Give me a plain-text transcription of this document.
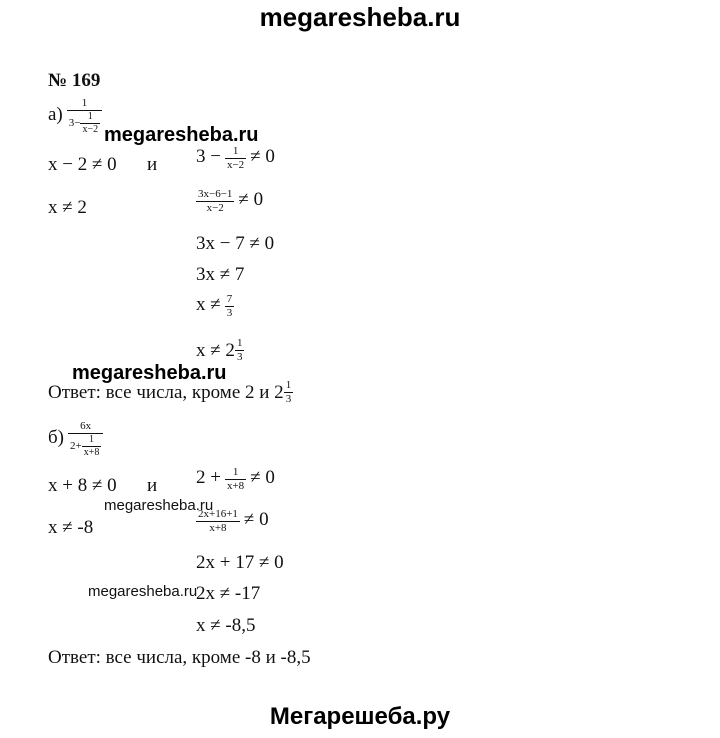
megaresheba.ru
№ 169
$а) \frac{1}{3- \frac{1}{x-2}}$ megaresheba.ru
x − 2 ≠ 0 и
x ≠ 2
$3 - \frac{1}{x-2} \ne 0$
$\frac{3x-6-1}{x-2} \ne 0$
3x − 7 ≠ 0
3x ≠ 7
$x \ne \frac{7}{3}$
$x \ne 2 \frac{1}{3}$
megaresheba.ru
Ответ: все числа, кроме 2 и $2 \frac{1}{3}$
$б) \frac{6x}{2+ \frac{1}{x+8}}$
x + 8 ≠ 0 и $2 + \frac{1}{x+8} \ne 0$
megaresheba.ru
x ≠ -8	$\frac{2x+16+1}{x+8} \ne 0$
2x + 17 ≠ 0
megaresheba.ru
2x ≠ -17
x ≠ -8,5
Ответ: все числа, кроме -8 и -8,5
Мегарешеба.ру
